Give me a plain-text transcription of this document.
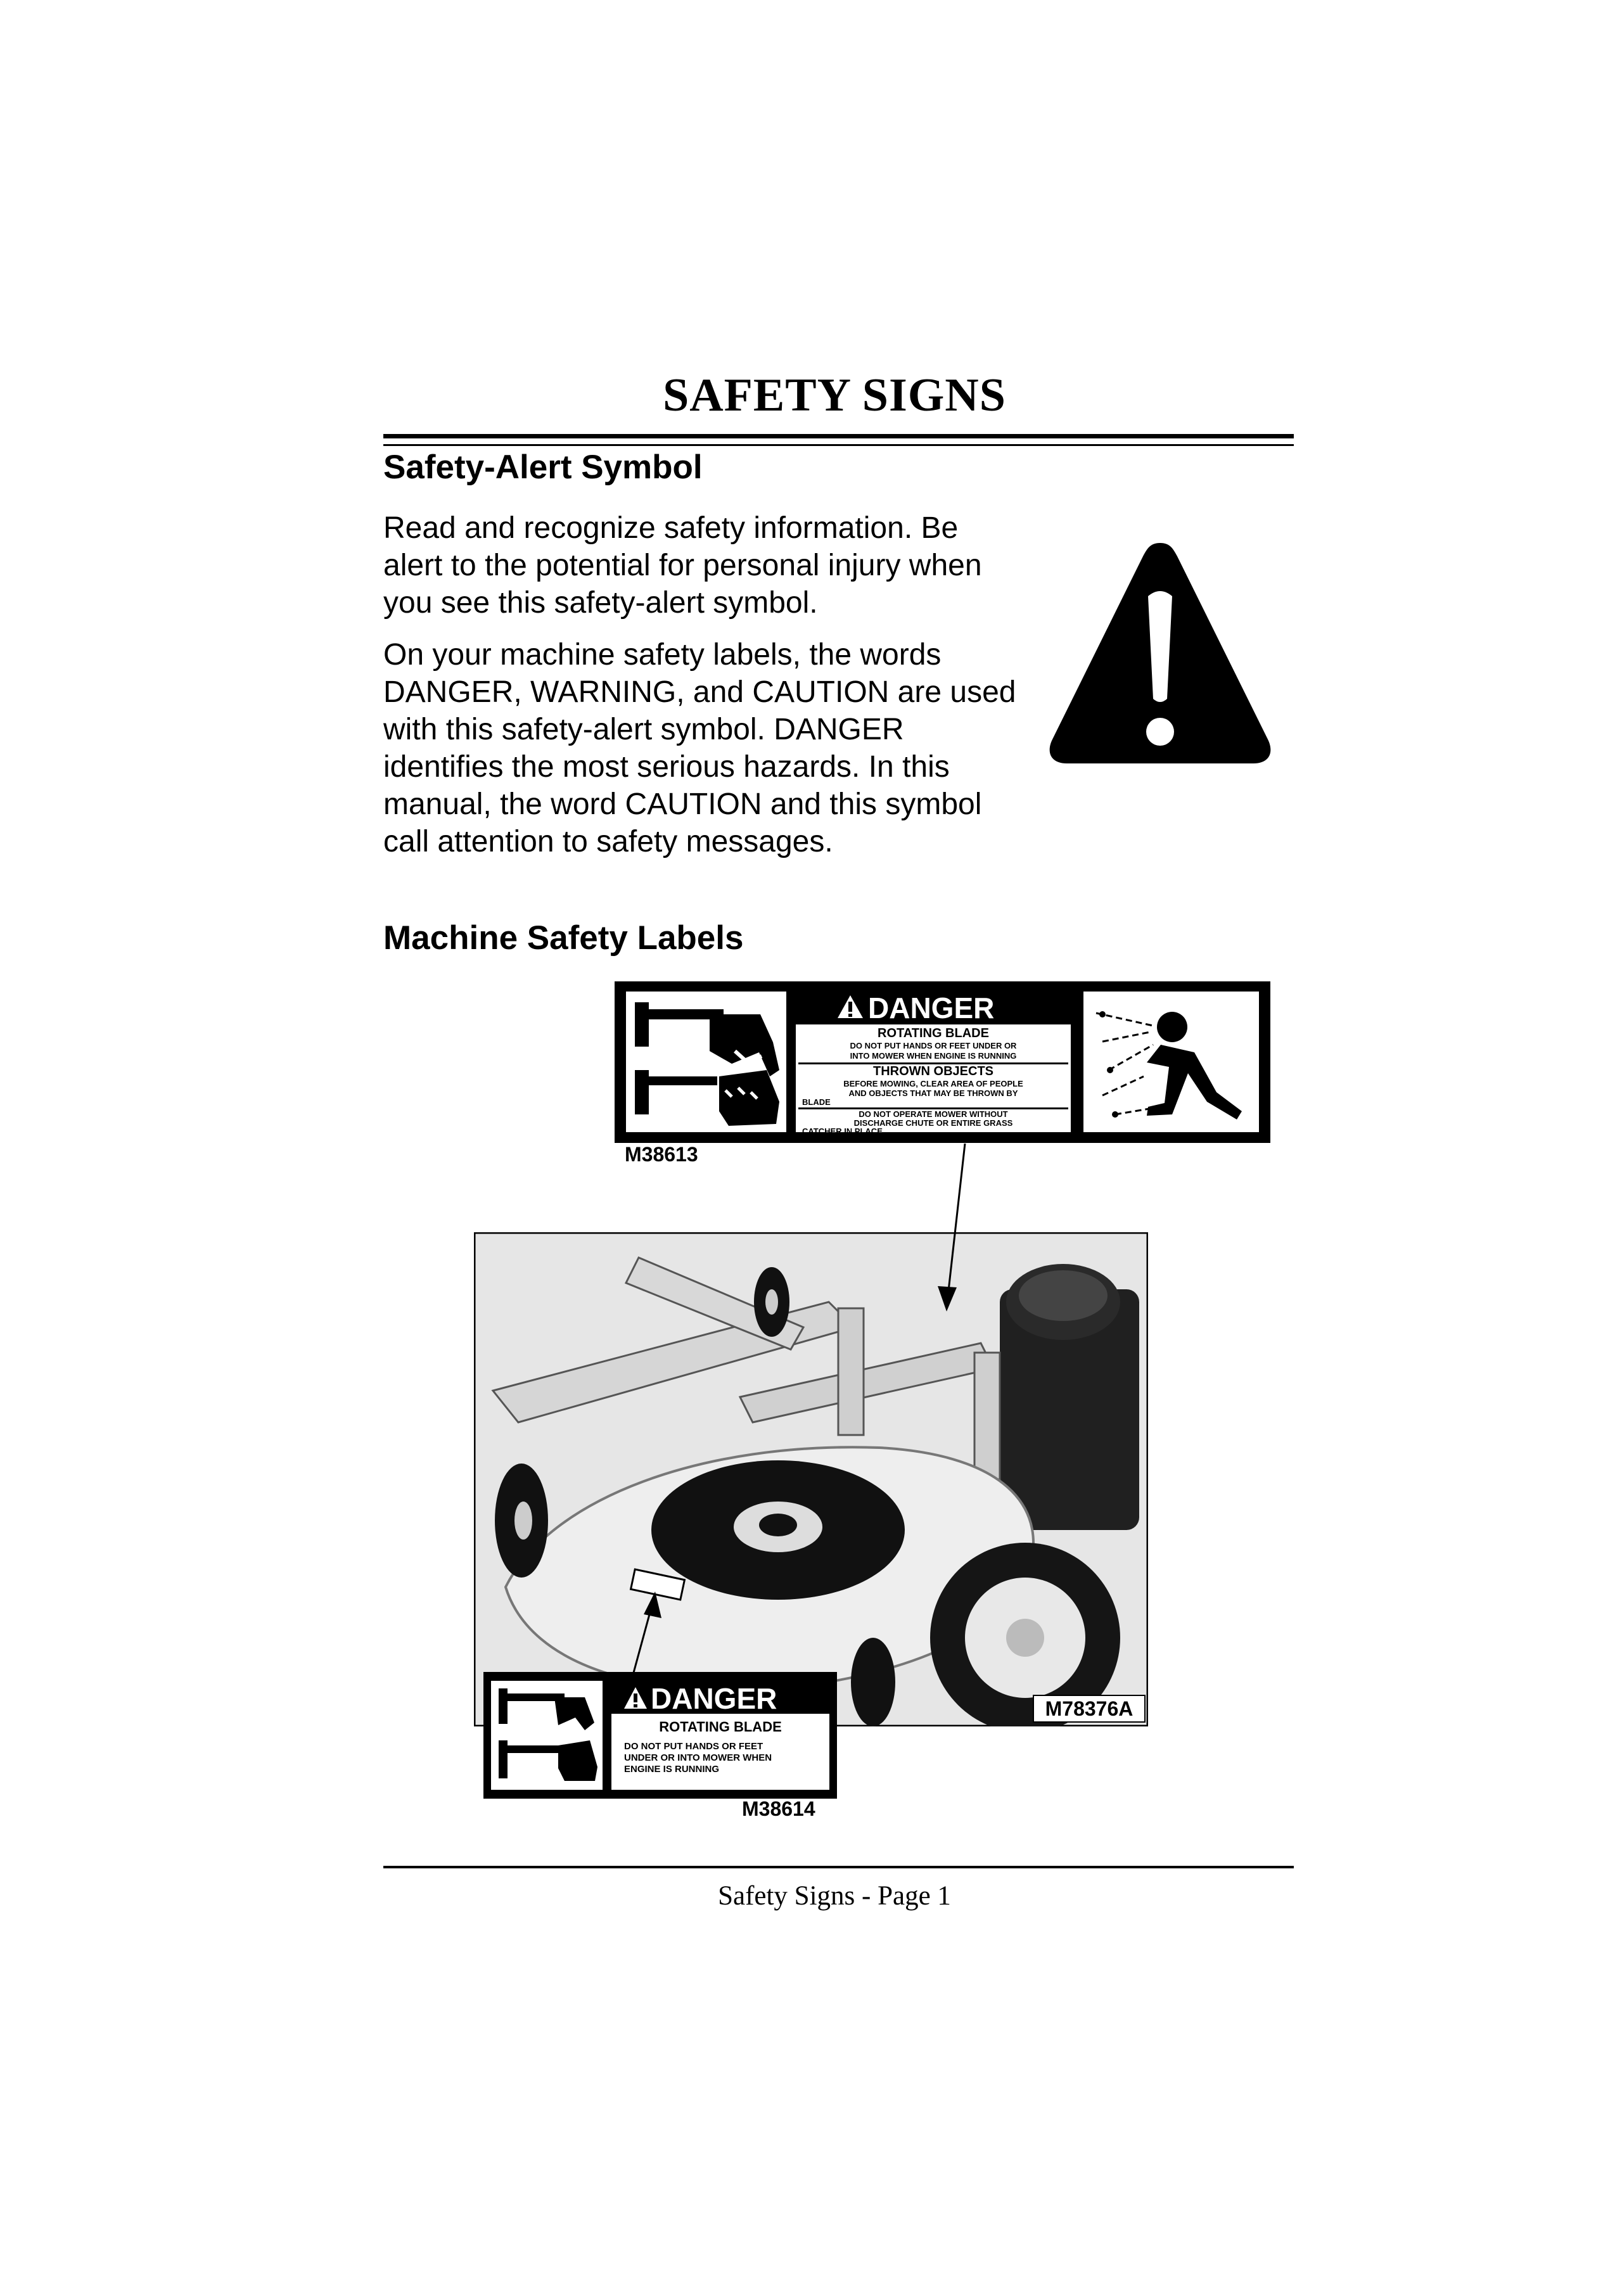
SAFETY SIGNS
Safety-Alert Symbol

Read and recognize safety information. Be alert to the potential for personal injury when you see this safety-alert symbol.

On your machine safety labels, the words DANGER, WARNING, and CAUTION are used with this safety-alert symbol. DANGER identifies the most serious hazards. In this manual, the word CAUTION and this symbol call attention to safety messages.

Machine Safety Labels
DANGER
ROTATING BLADE
DO NOT PUT HANDS OR FEET UNDER OR
INTO MOWER WHEN ENGINE IS RUNNING
THROWN OBJECTS
BEFORE MOWING, CLEAR AREA OF PEOPLE
AND OBJECTS THAT MAY BE THROWN BY
BLADE
DO NOT OPERATE MOWER WITHOUT
DISCHARGE CHUTE OR ENTIRE GRASS
CATCHER IN PLACE
M38613
M78376A
DANGER
ROTATING BLADE
DO NOT PUT HANDS OR FEET
UNDER OR INTO MOWER WHEN
ENGINE IS RUNNING
M38614
Safety Signs - Page 1
